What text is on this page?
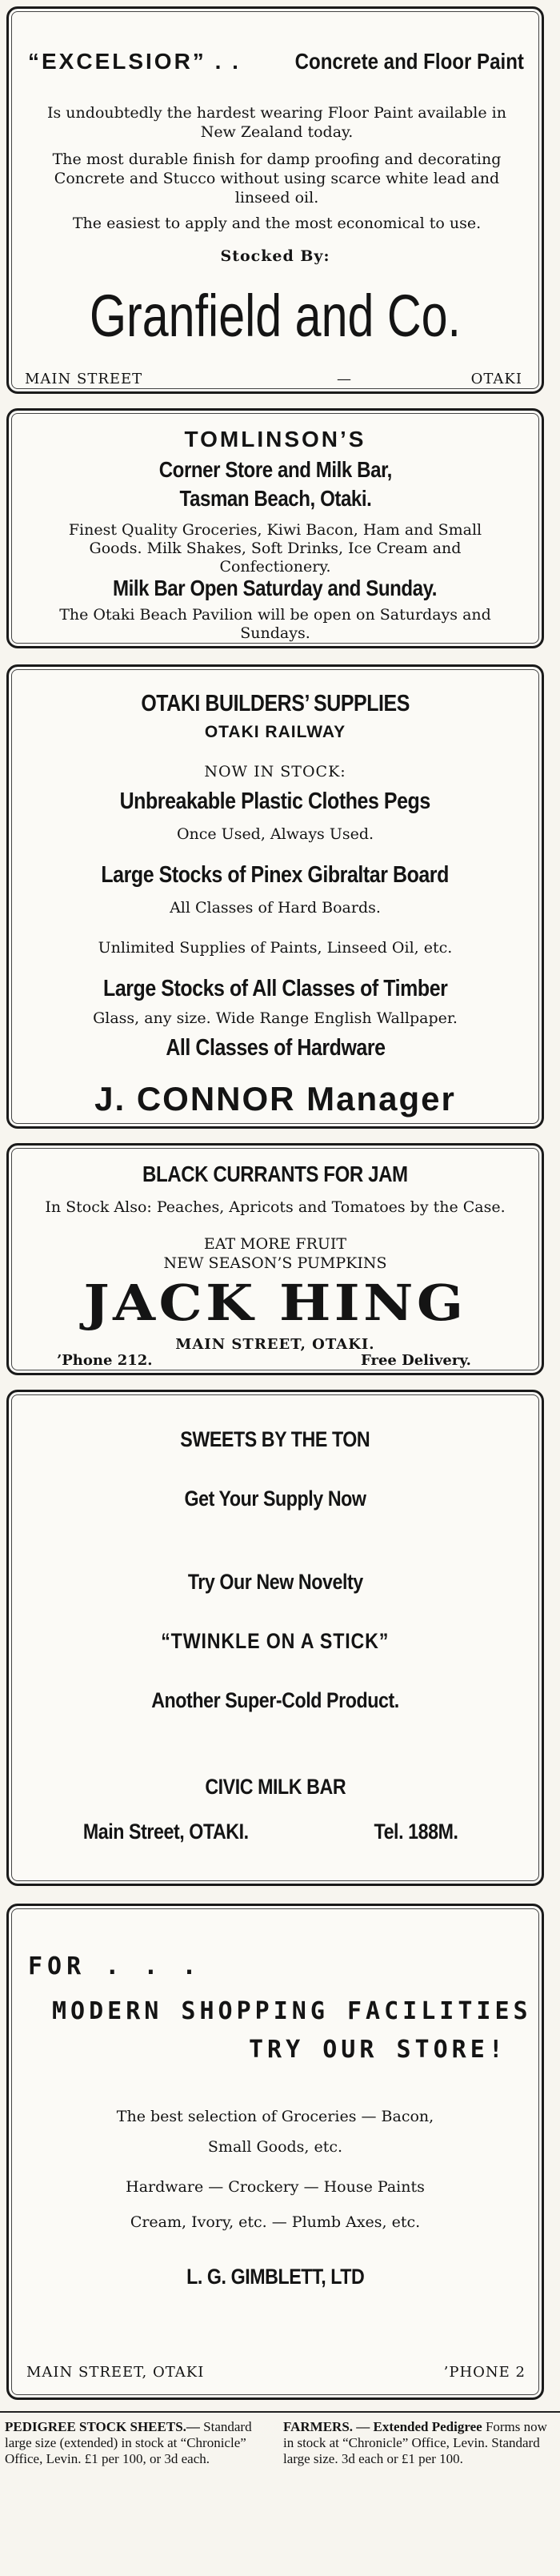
“EXCELSIOR” . . Concrete and Floor Paint

Is undoubtedly the hardest wearing Floor Paint available in New Zealand today.

The most durable finish for damp proofing and decorating Concrete and Stucco without using scarce white lead and linseed oil.

The easiest to apply and the most economical to use.

Stocked By:
Granfield and Co.
MAIN STREET	—	OTAKI
TOMLINSON’S
Corner Store and Milk Bar,
Tasman Beach, Otaki.

Finest Quality Groceries, Kiwi Bacon, Ham and Small Goods. Milk Shakes, Soft Drinks, Ice Cream and Confectionery.

Milk Bar Open Saturday and Sunday.

The Otaki Beach Pavilion will be open on Saturdays and Sundays.

OTAKI BUILDERS’ SUPPLIES
OTAKI RAILWAY
NOW IN STOCK:
Unbreakable Plastic Clothes Pegs
Once Used, Always Used.
Large Stocks of Pinex Gibraltar Board
All Classes of Hard Boards.
Unlimited Supplies of Paints, Linseed Oil, etc.
Large Stocks of All Classes of Timber
Glass, any size. Wide Range English Wallpaper.
All Classes of Hardware
J. CONNOR Manager
BLACK CURRANTS FOR JAM

In Stock Also: Peaches, Apricots and Tomatoes by the Case.

EAT MORE FRUIT
NEW SEASON’S PUMPKINS
JACK HING
MAIN STREET, OTAKI.
’Phone 212.	Free Delivery.
SWEETS BY THE TON
Get Your Supply Now
Try Our New Novelty
“TWINKLE ON A STICK”
Another Super-Cold Product.
CIVIC MILK BAR
Main Street, OTAKI.	Tel. 188M.
FOR . . .
MODERN SHOPPING FACILITIES
TRY OUR STORE!
The best selection of Groceries — Bacon,
Small Goods, etc.
Hardware — Crockery — House Paints
Cream, Ivory, etc. — Plumb Axes, etc.
L. G. GIMBLETT, LTD
MAIN STREET, OTAKI	’PHONE 2
PEDIGREE STOCK SHEETS.— Standard large size (extended) in stock at “Chronicle” Office, Levin. £1 per 100, or 3d each.
FARMERS. — Extended Pedigree Forms now in stock at “Chronicle” Office, Levin. Standard large size. 3d each or £1 per 100.
